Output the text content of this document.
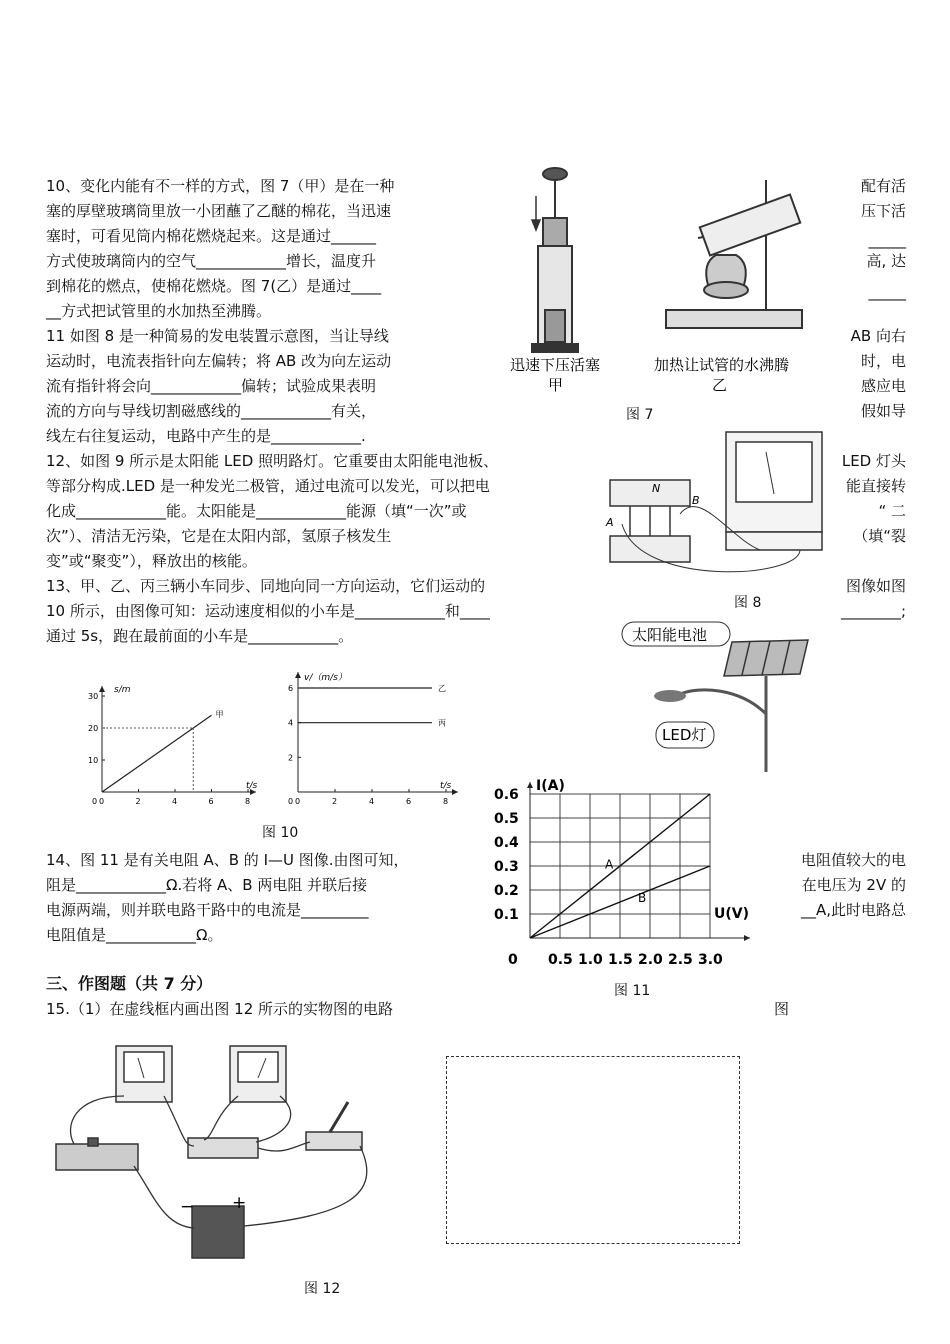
10、变化内能有不一样的方式，图 7（甲）是在一种
塞的厚壁玻璃筒里放一小团蘸了乙醚的棉花，当迅速
塞时，可看见筒内棉花燃烧起来。这是通过______
方式使玻璃筒内的空气____________增长，温度升
到棉花的燃点，使棉花燃烧。图 7(乙）是通过____
__方式把试管里的水加热至沸腾。
配有活
压下活
_____
高, 达
_____
11 如图 8 是一种简易的发电装置示意图，当让导线
运动时，电流表指针向左偏转；将 AB 改为向左运动
流有指针将会向____________偏转；试验成果表明
流的方向与导线切割磁感线的____________有关，
线左右往复运动，电路中产生的是____________.
AB 向右
时，电
感应电
假如导
12、如图 9 所示是太阳能 LED 照明路灯。它重要由太阳能电池板、
等部分构成.LED 是一种发光二极管，通过电流可以发光，可以把电
化成____________能。太阳能是____________能源（填“一次”或
次”）、清洁无污染，它是在太阳内部，氢原子核发生
变”或“聚变”），释放出的核能。
LED 灯头
能直接转
“ 二
（填“裂
13、甲、乙、丙三辆小车同步、同地向同一方向运动，它们运动的
10 所示，由图像可知：运动速度相似的小车是____________和____
通过 5s，跑在最前面的小车是____________。
图像如图
________;
14、图 11 是有关电阻 A、B 的 I—U 图像.由图可知，
阻是____________Ω.若将 A、B 两电阻 并联后接
电源两端，则并联电路干路中的电流是_________
电阻值是____________Ω。
电阻值较大的电
在电压为 2V 的
__A,此时电路总
三、作图题（共 7 分）
15.（1）在虚线框内画出图 12 所示的实物图的电路	图
迅速下压活塞
甲
加热让试管的水沸腾
乙
图 7
N
A
B
图 8
太阳能电池
LED灯
0	2	4	6	8
10
20
30
s/m
t/s
甲
0	0	2	4	6	8
2
4
6
v/（m/s）
t/s
乙
丙
0
图 10
0.1
0.2
0.3
0.4
0.5
0.6
0.5 1.0 1.5 2.0 2.5 3.0
0
I(A)
U(V)
A
B
图 11
− +
图 12
